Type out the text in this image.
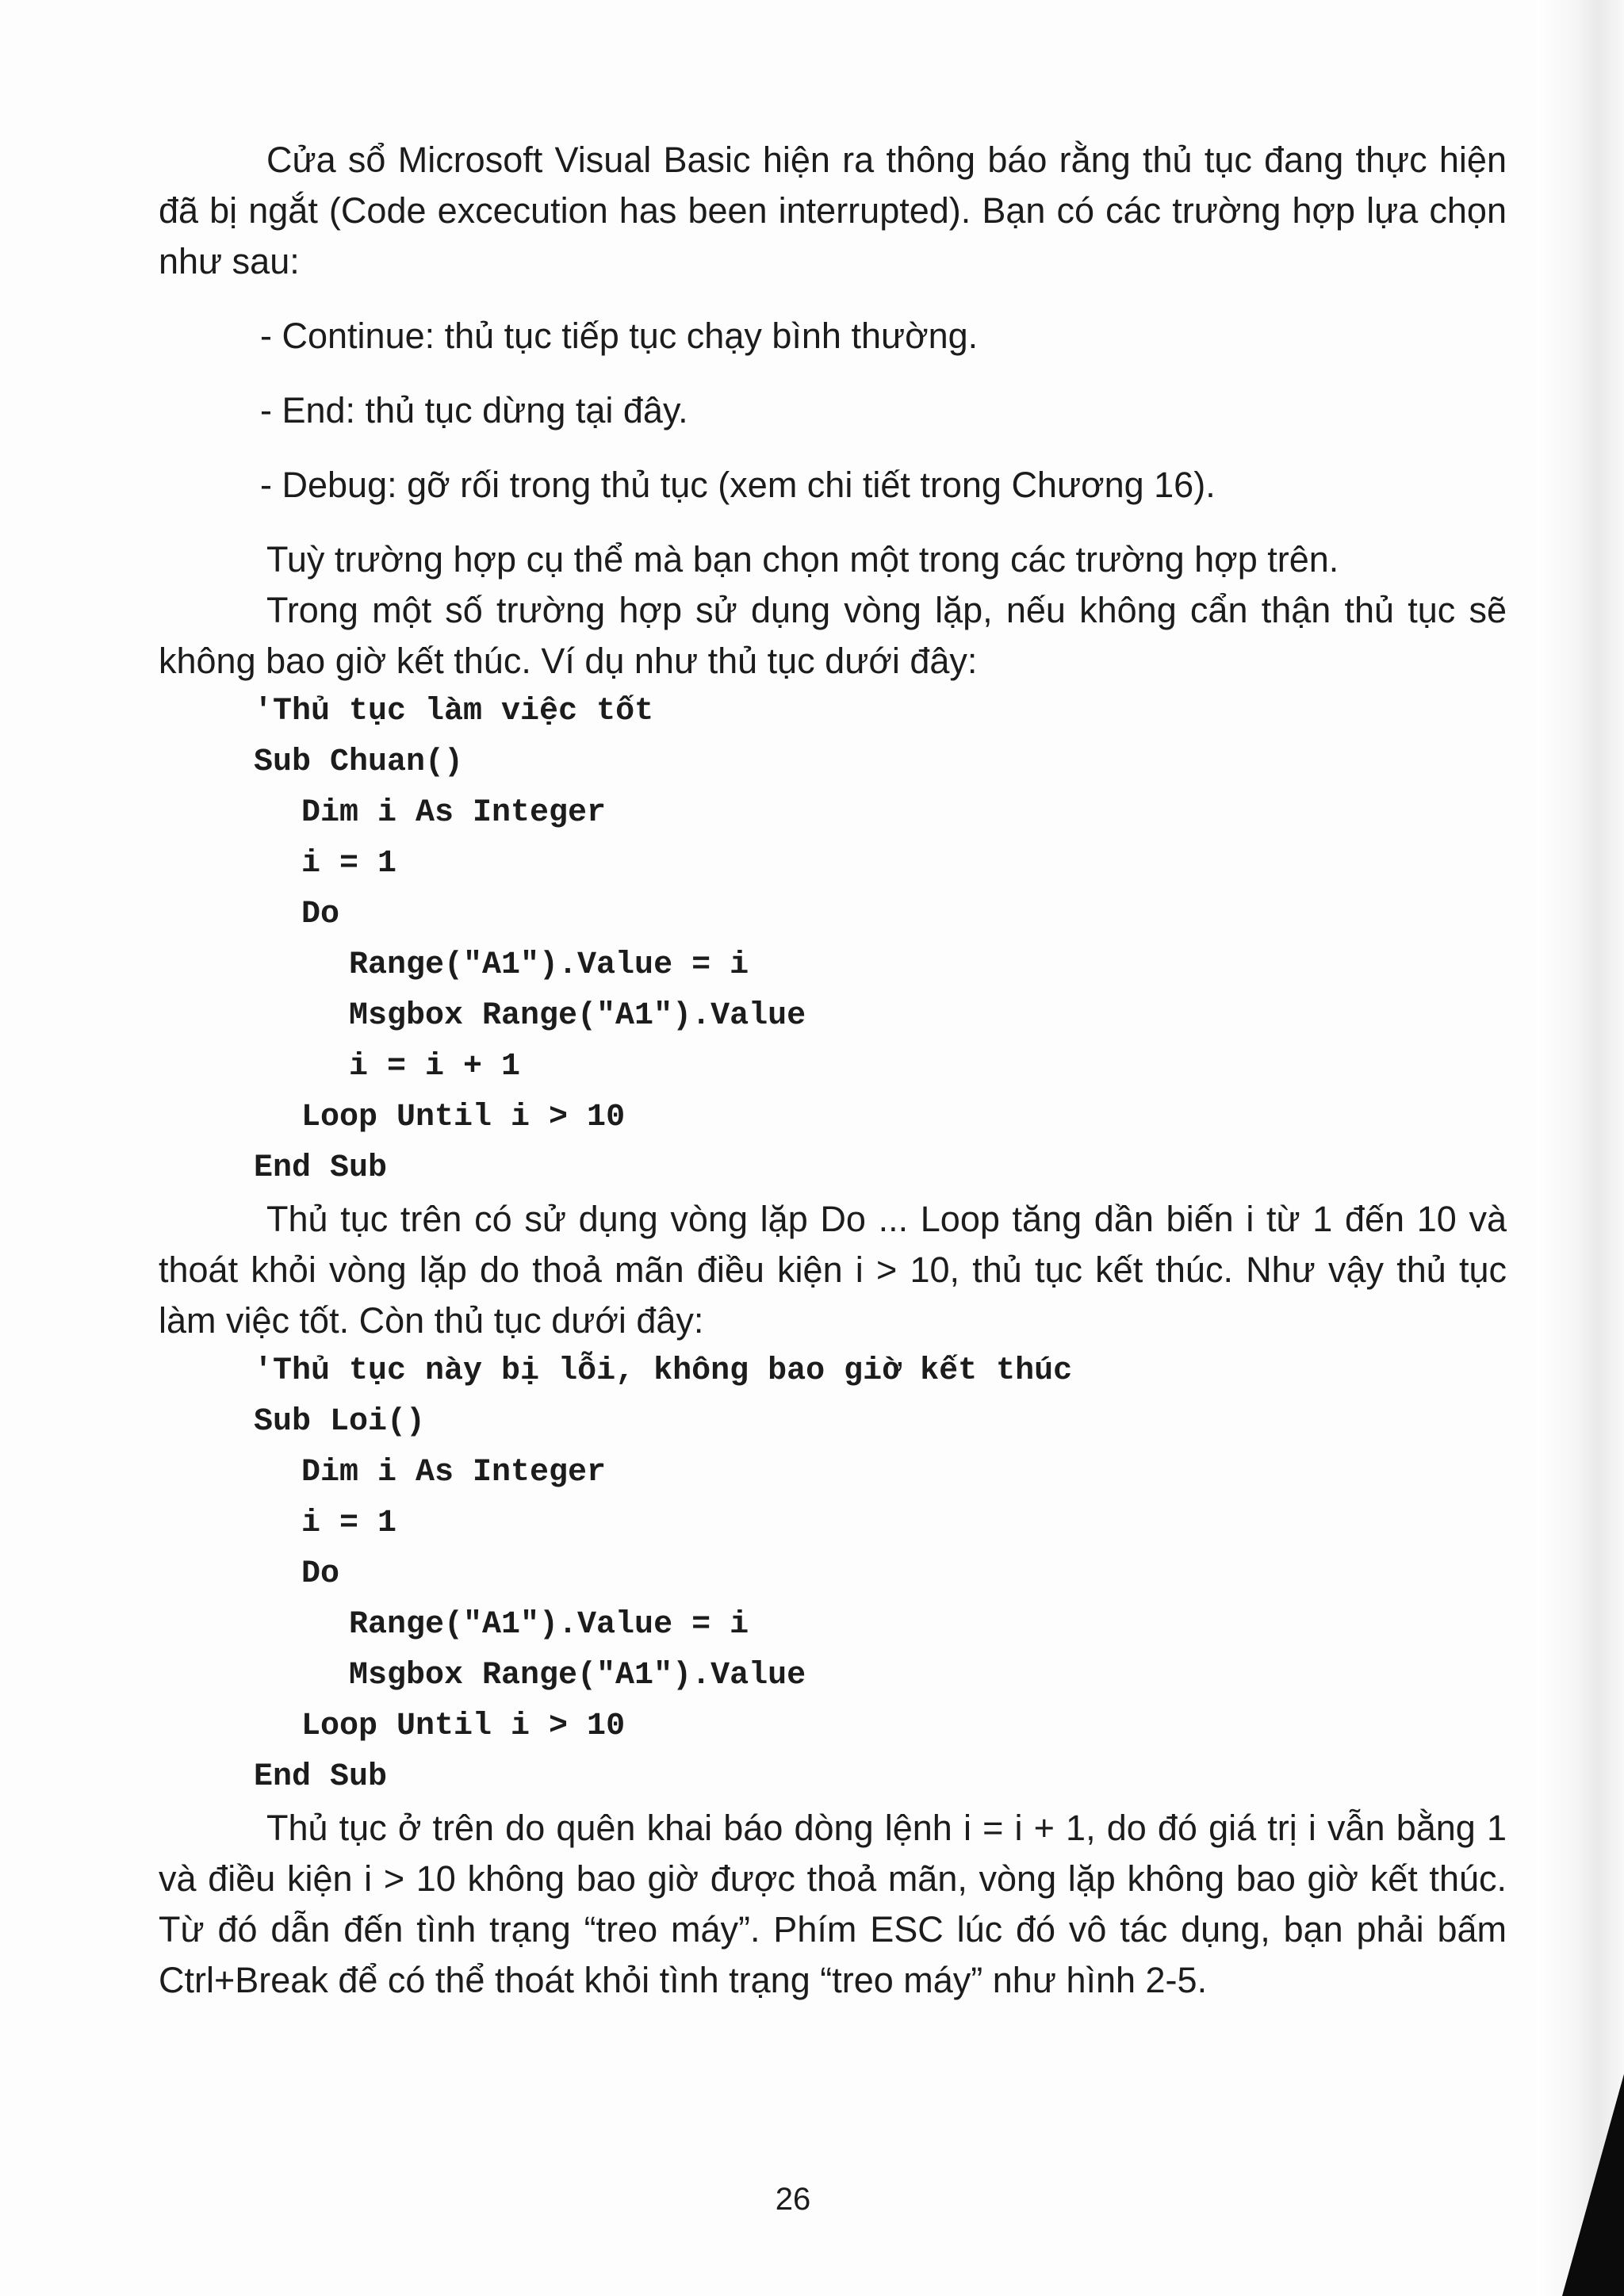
Cửa sổ Microsoft Visual Basic hiện ra thông báo rằng thủ tục đang thực hiện đã bị ngắt (Code excecution has been interrupted). Bạn có các trường hợp lựa chọn như sau:

- Continue: thủ tục tiếp tục chạy bình thường.

- End: thủ tục dừng tại đây.

- Debug: gỡ rối trong thủ tục (xem chi tiết trong Chương 16).

Tuỳ trường hợp cụ thể mà bạn chọn một trong các trường hợp trên.

Trong một số trường hợp sử dụng vòng lặp, nếu không cẩn thận thủ tục sẽ không bao giờ kết thúc. Ví dụ như thủ tục dưới đây:

'Thủ tục làm việc tốt
Sub Chuan()
Dim i As Integer
i = 1
Do
Range("A1").Value = i
Msgbox Range("A1").Value
i = i + 1
Loop Until i > 10
End Sub

Thủ tục trên có sử dụng vòng lặp Do ... Loop tăng dần biến i từ 1 đến 10 và thoát khỏi vòng lặp do thoả mãn điều kiện i > 10, thủ tục kết thúc. Như vậy thủ tục làm việc tốt. Còn thủ tục dưới đây:

'Thủ tục này bị lỗi, không bao giờ kết thúc
Sub Loi()
Dim i As Integer
i = 1
Do
Range("A1").Value = i
Msgbox Range("A1").Value
Loop Until i > 10
End Sub

Thủ tục ở trên do quên khai báo dòng lệnh i = i + 1, do đó giá trị i vẫn bằng 1 và điều kiện i > 10 không bao giờ được thoả mãn, vòng lặp không bao giờ kết thúc. Từ đó dẫn đến tình trạng “treo máy”. Phím ESC lúc đó vô tác dụng, bạn phải bấm Ctrl+Break để có thể thoát khỏi tình trạng “treo máy” như hình 2-5.

26
